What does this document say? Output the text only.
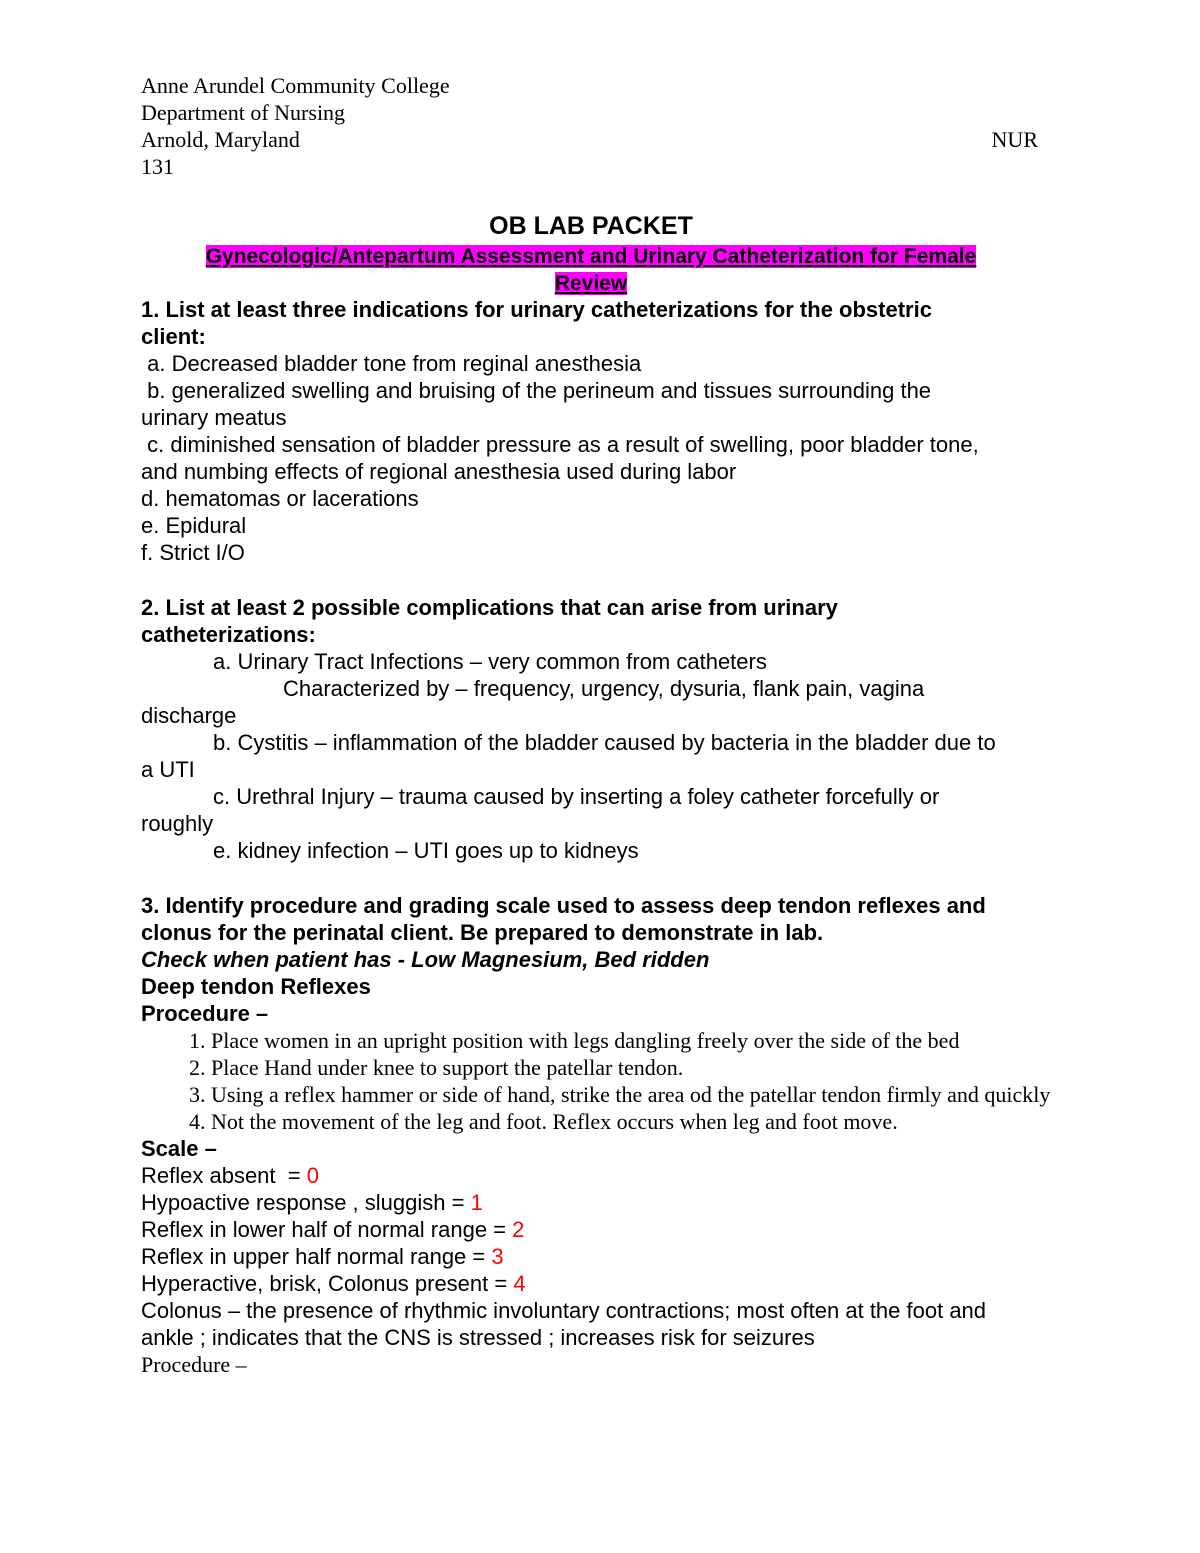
Anne Arundel Community College
Department of Nursing
Arnold, Maryland	NUR
131
OB LAB PACKET
Gynecologic/Antepartum Assessment and Urinary Catheterization for Female
Review
1. List at least three indications for urinary catheterizations for the obstetric
client:
a. Decreased bladder tone from reginal anesthesia
b. generalized swelling and bruising of the perineum and tissues surrounding the
urinary meatus
c. diminished sensation of bladder pressure as a result of swelling, poor bladder tone,
and numbing effects of regional anesthesia used during labor
d. hematomas or lacerations
e. Epidural
f. Strict I/O
2. List at least 2 possible complications that can arise from urinary
catheterizations:
a. Urinary Tract Infections – very common from catheters
Characterized by – frequency, urgency, dysuria, flank pain, vagina
discharge
b. Cystitis – inflammation of the bladder caused by bacteria in the bladder due to
a UTI
c. Urethral Injury – trauma caused by inserting a foley catheter forcefully or
roughly
e. kidney infection – UTI goes up to kidneys
3. Identify procedure and grading scale used to assess deep tendon reflexes and
clonus for the perinatal client. Be prepared to demonstrate in lab.
Check when patient has - Low Magnesium, Bed ridden
Deep tendon Reflexes
Procedure –
1. Place women in an upright position with legs dangling freely over the side of the bed
2. Place Hand under knee to support the patellar tendon.
3. Using a reflex hammer or side of hand, strike the area od the patellar tendon firmly and quickly
4. Not the movement of the leg and foot. Reflex occurs when leg and foot move.
Scale –
Reflex absent  = 0
Hypoactive response , sluggish = 1
Reflex in lower half of normal range = 2
Reflex in upper half normal range = 3
Hyperactive, brisk, Colonus present = 4
Colonus – the presence of rhythmic involuntary contractions; most often at the foot and
ankle ; indicates that the CNS is stressed ; increases risk for seizures
Procedure –
